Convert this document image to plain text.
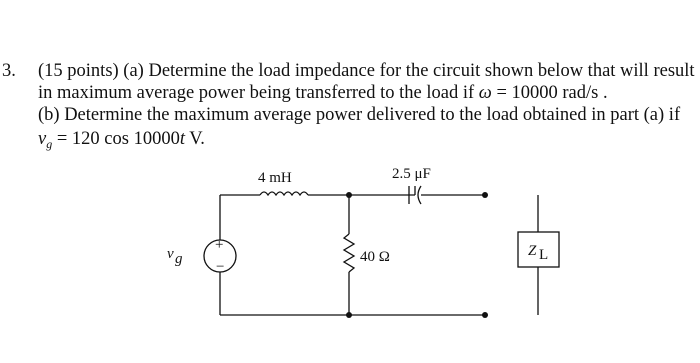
3. (15 points) (a) Determine the load impedance for the circuit shown below that will result
in maximum average power being transferred to the load if ω = 10000 rad/s .
(b) Determine the maximum average power delivered to the load obtained in part (a) if
$v_g = 120$ cos 10000t V.
+
−
4 mH	2.5 μF
40 Ω
v g	Z L
